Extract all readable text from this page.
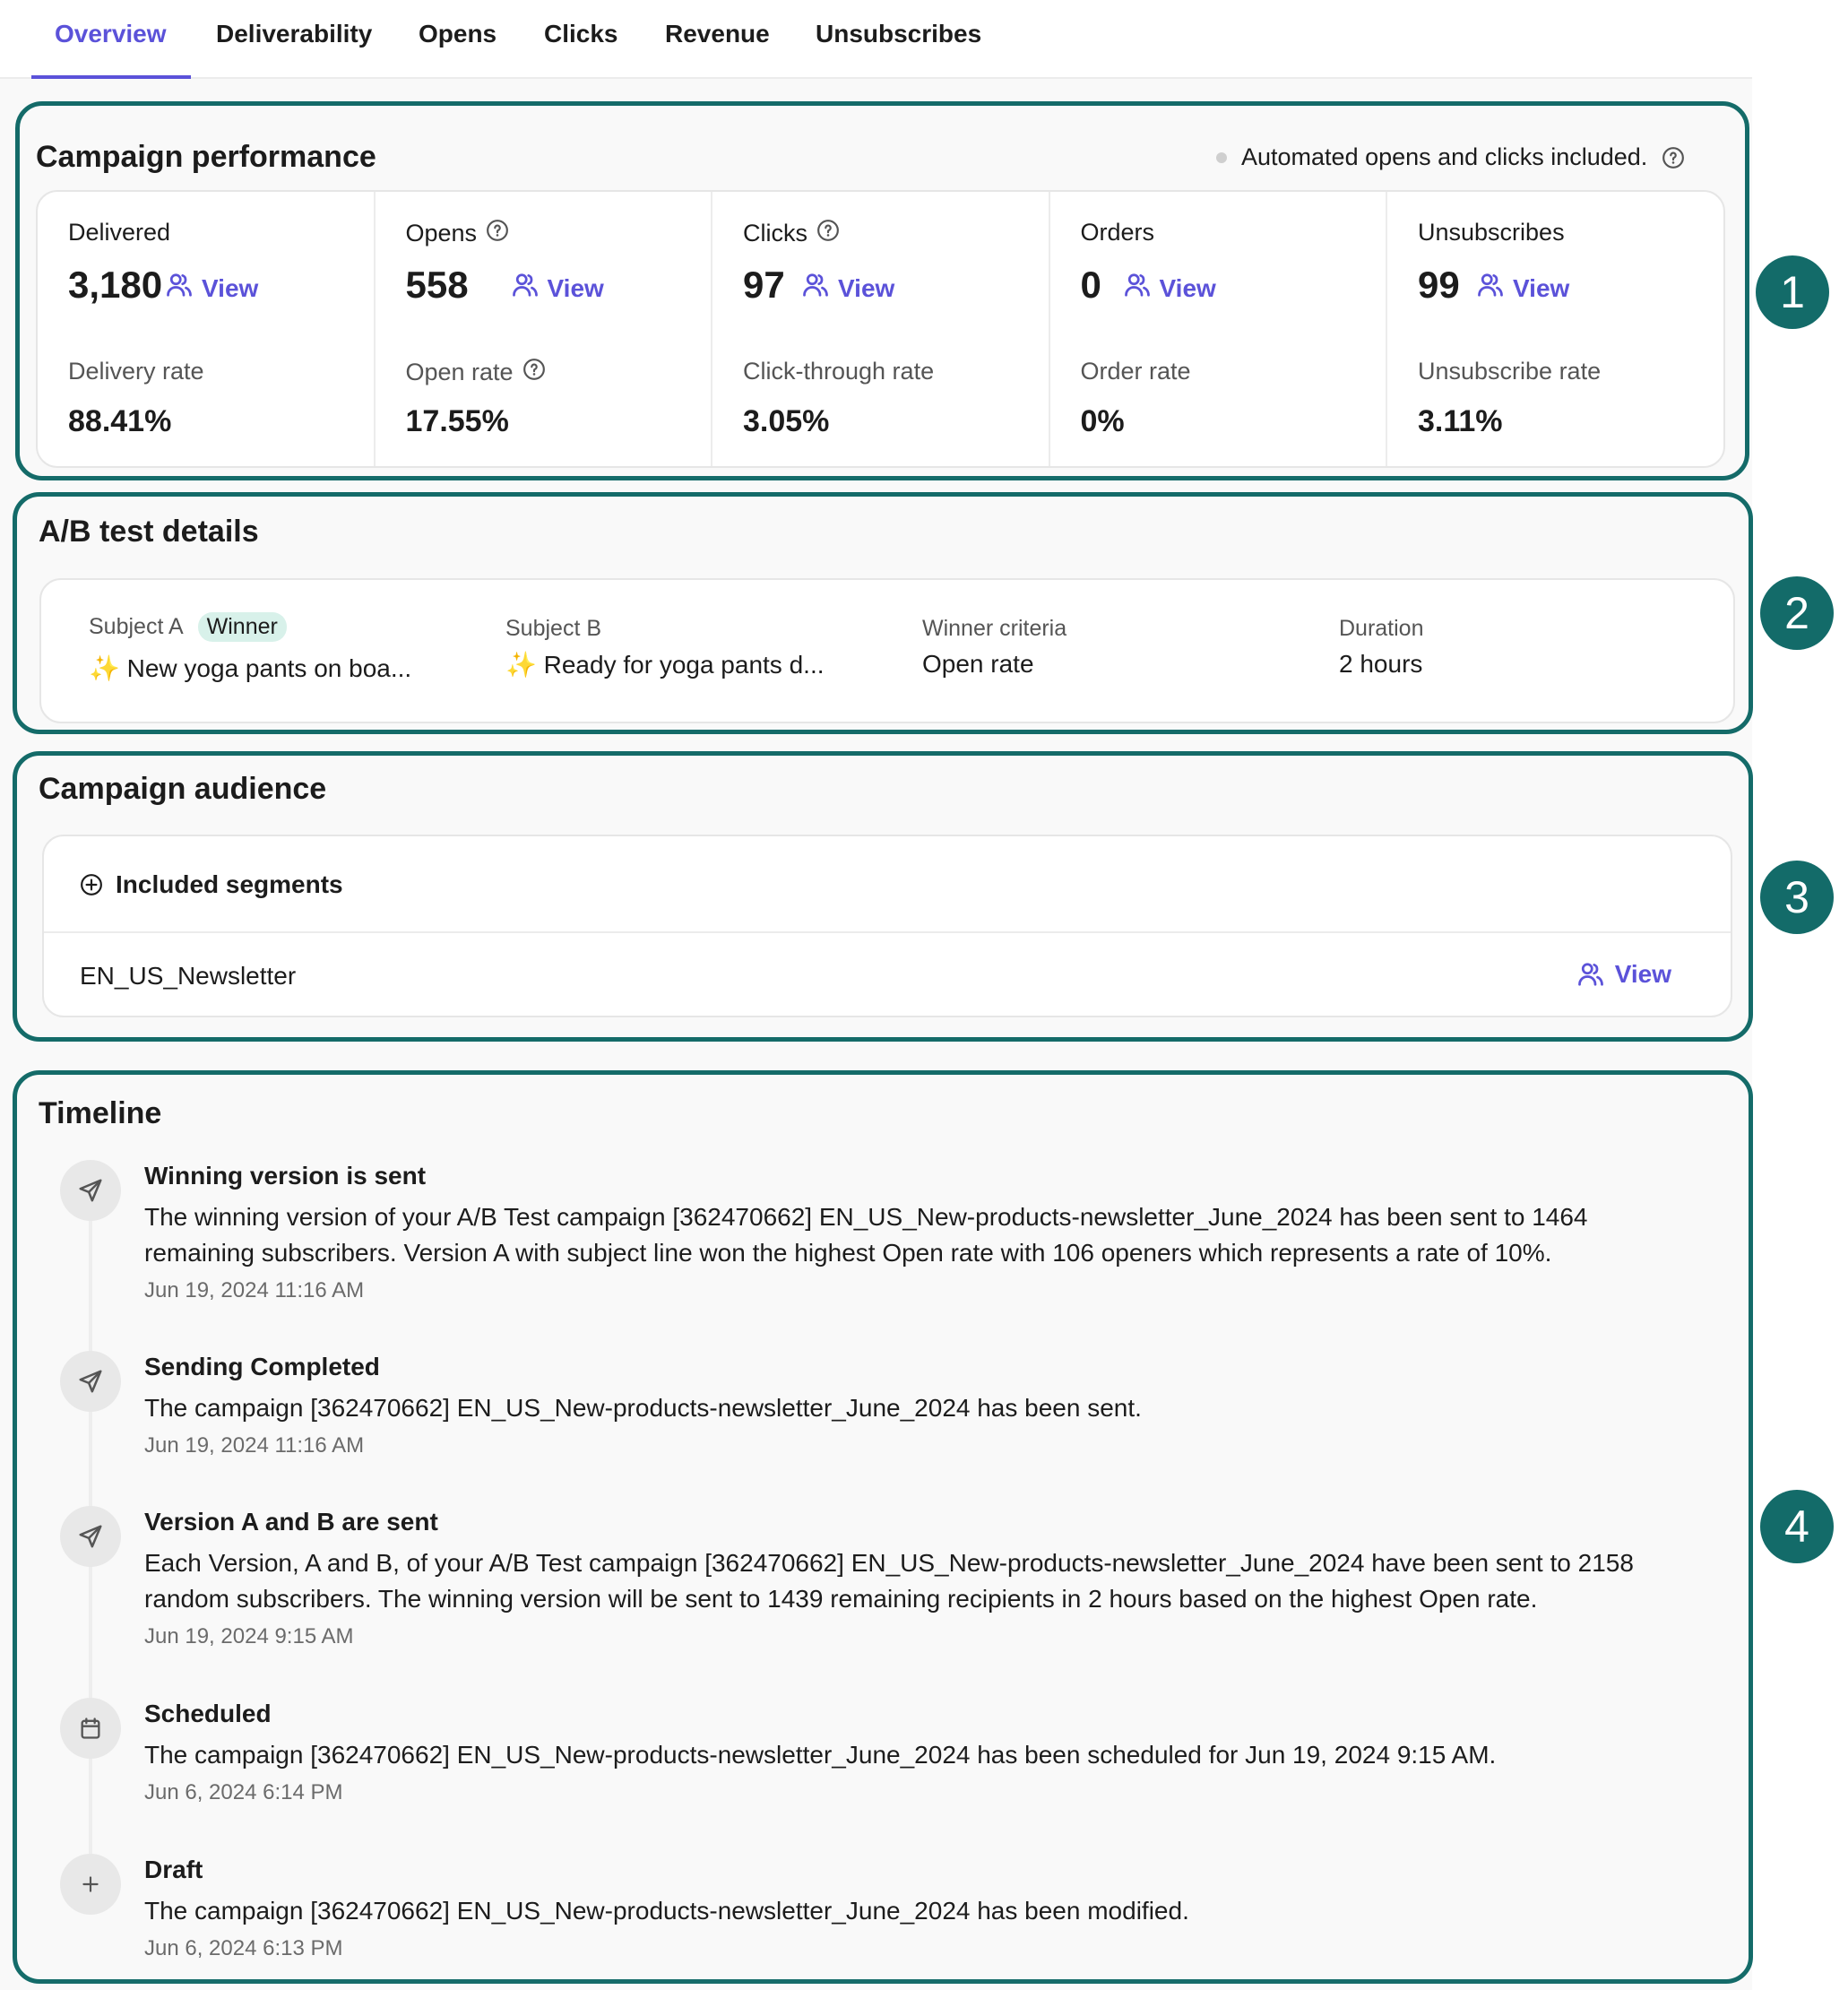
Overview Deliverability Opens Clicks Revenue Unsubscribes
Campaign performance	Automated opens and clicks included.
Delivered
3,180 View
Delivery rate
88.41%
Opens
558	View
Open rate
17.55%
Clicks
97 View
Click-through rate
3.05%
Orders
0 View
Order rate
0%
Unsubscribes
99 View
Unsubscribe rate
3.11%
1
A/B test details
Subject A	Winner
✨ New yoga pants on boa...
Subject B
✨ Ready for yoga pants d...
Winner criteria
Open rate
Duration
2 hours
2
Campaign audience
Included segments
EN_US_Newsletter	View
3
Timeline
Winning version is sent
The winning version of your A/B Test campaign [362470662] EN_US_New-products-newsletter_June_2024 has been sent to 1464 remaining subscribers. Version A with subject line won the highest Open rate with 106 openers which represents a rate of 10%.
Jun 19, 2024 11:16 AM
Sending Completed
The campaign [362470662] EN_US_New-products-newsletter_June_2024 has been sent.
Jun 19, 2024 11:16 AM
Version A and B are sent
Each Version, A and B, of your A/B Test campaign [362470662] EN_US_New-products-newsletter_June_2024 have been sent to 2158 random subscribers. The winning version will be sent to 1439 remaining recipients in 2 hours based on the highest Open rate.
Jun 19, 2024 9:15 AM
Scheduled
The campaign [362470662] EN_US_New-products-newsletter_June_2024 has been scheduled for Jun 19, 2024 9:15 AM.
Jun 6, 2024 6:14 PM
Draft
The campaign [362470662] EN_US_New-products-newsletter_June_2024 has been modified.
Jun 6, 2024 6:13 PM
4
